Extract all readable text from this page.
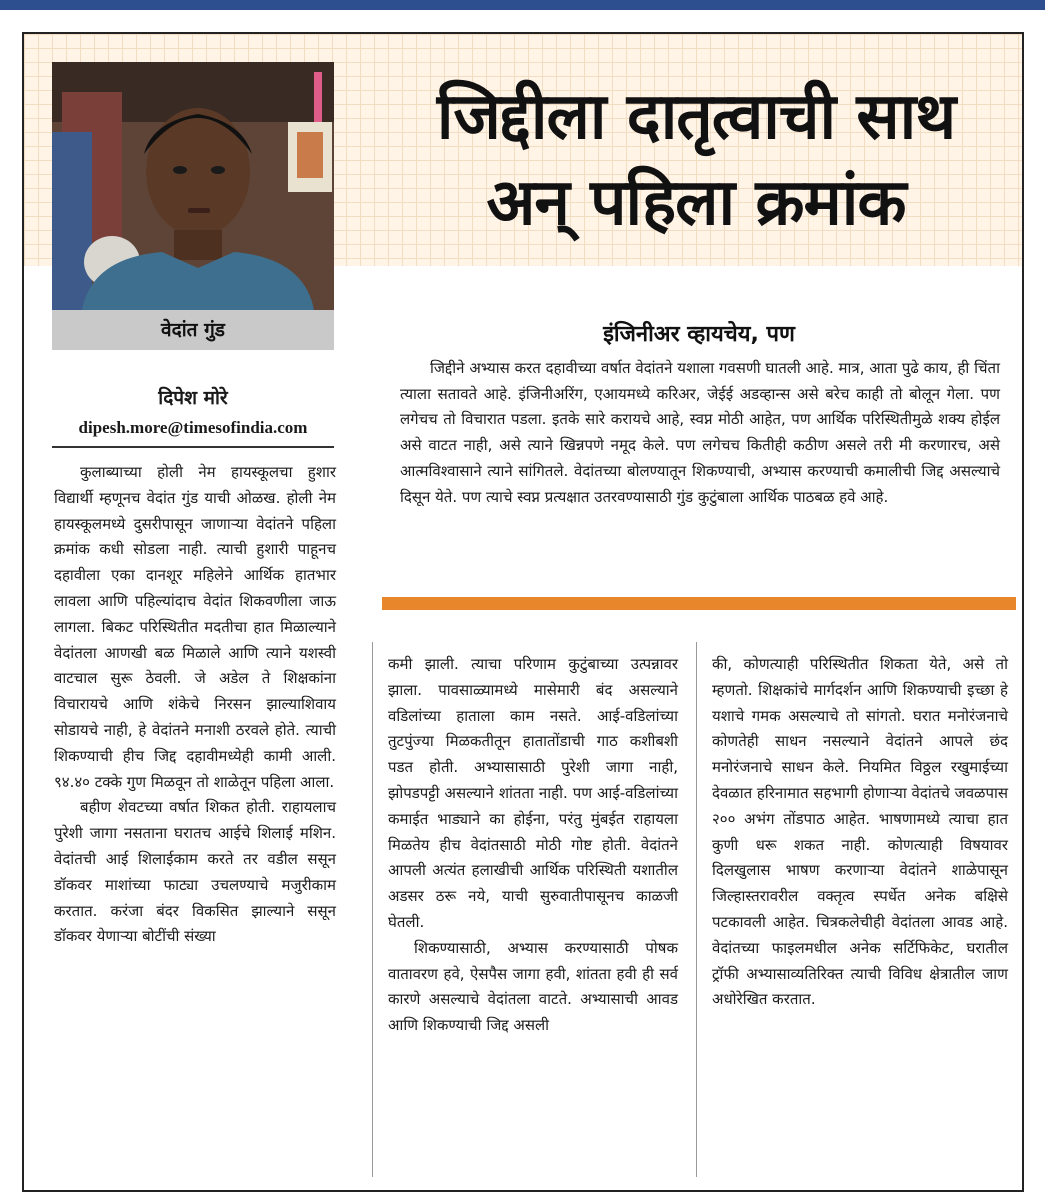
वेदांत गुंड
दिपेश मोरे
dipesh.more@timesofindia.com
जिद्दीला दातृत्वाची साथ
अन् पहिला क्रमांक
इंजिनीअर व्हायचेय, पण
जिद्दीने अभ्यास करत दहावीच्या वर्षात वेदांतने यशाला गवसणी घातली आहे. मात्र, आता पुढे काय, ही चिंता त्याला सतावते आहे. इंजिनीअरिंग, एआयमध्ये करिअर, जेईई अडव्हान्स असे बरेच काही तो बोलून गेला. पण लगेचच तो विचारात पडला. इतके सारे करायचे आहे, स्वप्न मोठी आहेत, पण आर्थिक परिस्थितीमुळे शक्य होईल असे वाटत नाही, असे त्याने खिन्नपणे नमूद केले. पण लगेचच कितीही कठीण असले तरी मी करणारच, असे आत्मविश्वासाने त्याने सांगितले. वेदांतच्या बोलण्यातून शिकण्याची, अभ्यास करण्याची कमालीची जिद्द असल्याचे दिसून येते. पण त्याचे स्वप्न प्रत्यक्षात उतरवण्यासाठी गुंड कुटुंबाला आर्थिक पाठबळ हवे आहे.

कुलाब्याच्या होली नेम हायस्कूलचा हुशार विद्यार्थी म्हणूनच वेदांत गुंड याची ओळख. होली नेम हायस्कूलमध्ये दुसरीपासून जाणाऱ्या वेदांतने पहिला क्रमांक कधी सोडला नाही. त्याची हुशारी पाहूनच दहावीला एका दानशूर महिलेने आर्थिक हातभार लावला आणि पहिल्यांदाच वेदांत शिकवणीला जाऊ लागला. बिकट परिस्थितीत मदतीचा हात मिळाल्याने वेदांतला आणखी बळ मिळाले आणि त्याने यशस्वी वाटचाल सुरू ठेवली. जे अडेल ते शिक्षकांना विचारायचे आणि शंकेचे निरसन झाल्याशिवाय सोडायचे नाही, हे वेदांतने मनाशी ठरवले होते. त्याची शिकण्याची हीच जिद्द दहावीमध्येही कामी आली. ९४.४० टक्के गुण मिळवून तो शाळेतून पहिला आला.

बहीण शेवटच्या वर्षात शिकत होती. राहायलाच पुरेशी जागा नसताना घरातच आईचे शिलाई मशिन. वेदांतची आई शिलाईकाम करते तर वडील ससून डॉकवर माशांच्या फाट्या उचलण्याचे मजुरीकाम करतात. करंजा बंदर विकसित झाल्याने ससून डॉकवर येणाऱ्या बोटींची संख्या

कमी झाली. त्याचा परिणाम कुटुंबाच्या उत्पन्नावर झाला. पावसाळ्यामध्ये मासेमारी बंद असल्याने वडिलांच्या हाताला काम नसते. आई-वडिलांच्या तुटपुंज्या मिळकतीतून हातातोंडाची गाठ कशीबशी पडत होती. अभ्यासासाठी पुरेशी जागा नाही, झोपडपट्टी असल्याने शांतता नाही. पण आई-वडिलांच्या कमाईत भाड्याने का होईना, परंतु मुंबईत राहायला मिळतेय हीच वेदांतसाठी मोठी गोष्ट होती. वेदांतने आपली अत्यंत हलाखीची आर्थिक परिस्थिती यशातील अडसर ठरू नये, याची सुरुवातीपासूनच काळजी घेतली.

शिकण्यासाठी, अभ्यास करण्यासाठी पोषक वातावरण हवे, ऐसपैस जागा हवी, शांतता हवी ही सर्व कारणे असल्याचे वेदांतला वाटते. अभ्यासाची आवड आणि शिकण्याची जिद्द असली

की, कोणत्याही परिस्थितीत शिकता येते, असे तो म्हणतो. शिक्षकांचे मार्गदर्शन आणि शिकण्याची इच्छा हे यशाचे गमक असल्याचे तो सांगतो. घरात मनोरंजनाचे कोणतेही साधन नसल्याने वेदांतने आपले छंद मनोरंजनाचे साधन केले. नियमित विठ्ठल रखुमाईच्या देवळात हरिनामात सहभागी होणाऱ्या वेदांतचे जवळपास २०० अभंग तोंडपाठ आहेत. भाषणामध्ये त्याचा हात कुणी धरू शकत नाही. कोणत्याही विषयावर दिलखुलास भाषण करणाऱ्या वेदांतने शाळेपासून जिल्हास्तरावरील वक्तृत्व स्पर्धेत अनेक बक्षिसे पटकावली आहेत. चित्रकलेचीही वेदांतला आवड आहे. वेदांतच्या फाइलमधील अनेक सर्टिफिकेट, घरातील ट्रॉफी अभ्यासाव्यतिरिक्त त्याची विविध क्षेत्रातील जाण अधोरेखित करतात.
